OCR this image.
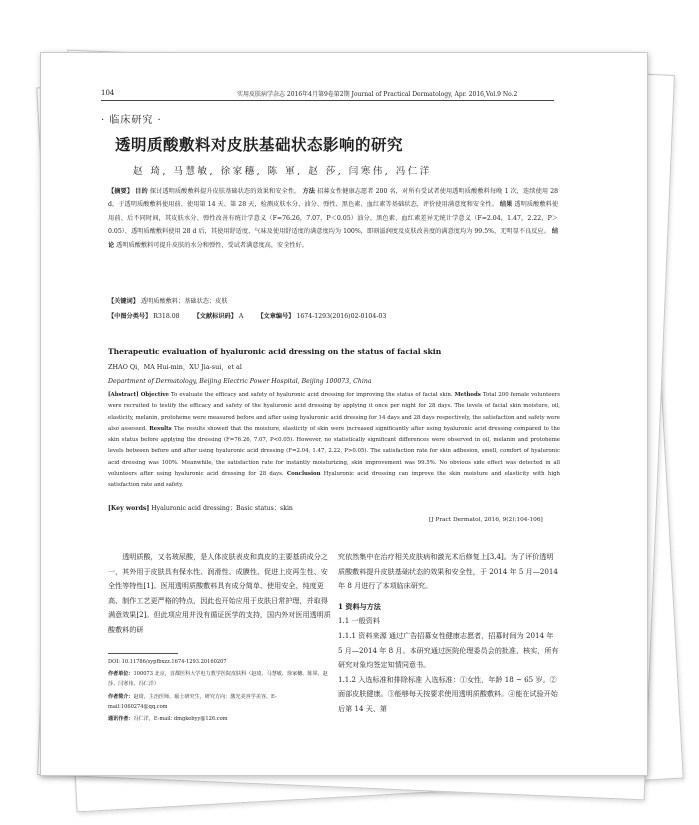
104	实用皮肤病学杂志 2016年4月第9卷第2期 Journal of Practical Dermatology, Apr. 2016,Vol.9 No.2
· 临床研究 ·
透明质酸敷料对皮肤基础状态影响的研究
赵 琦, 马慧敏, 徐家穗, 陈 軍, 赵 莎, 闫寒伟, 冯仁洋
【摘要】 目的 探讨透明质酸敷料提升皮肤基础状态的效果和安全性。 方法 招募女性健康志愿者 200 名，对所有受试者使用透明质酸敷料每晚 1 次，连续使用 28 d，于透明质酸敷料使用前、使用第 14 天、第 28 天，检测皮肤水分、油分、弹性、黑色素、血红素等基础状态，评价使用满意度和安全性。 结果 透明质酸敷料使用前、后不同时间，其皮肤水分、弹性改善有统计学意义（F=76.26，7.07，P＜0.05）油分、黑色素、血红素差异无统计学意义（F=2.04，1.47，2.22，P＞0.05），透明质酸敷料使用 28 d 后，其使用舒适度、气味及使用舒适度的满意度均为 100%，即刻滋润度及皮肤改善度的满意度均为 99.5%，无明显不良反应。 结论 透明质酸敷料可提升皮肤的水分和弹性，受试者满意度高，安全性好。
【关键词】 透明质酸敷料；基础状态；皮肤
【中图分类号】 R318.08 【文献标识码】 A 【文章编号】 1674-1293(2016)02-0104-03
Therapeutic evaluation of hyaluronic acid dressing on the status of facial skin
ZHAO Qi，MA Hui-min，XU Jia-sui，et al
Department of Dermatology, Beijing Electric Power Hospital, Beijing 100073, China
[Abstract] Objective To evaluate the efficacy and safety of hyaluronic acid dressing for improving the status of facial skin. Methods Total 200 female volunteers were recruited to testify the efficacy and safety of the hyaluronic acid dressing by applying it once per night for 28 days. The levels of facial skin moisture, oil, elasticity, melanin, protoheme were measured before and after using hyaluronic acid dressing for 14 days and 28 days respectively, the satisfaction and safety were also assessed. Results The results showed that the moisture, elasticity of skin were increased significantly after using hyaluronic acid dressing compared to the skin status before applying the dressing (F=76.26, 7.07, P<0.05). However, no statistically significant differences were observed in oil, melanin and protoheme levels between before and after using hyaluronic acid dressing (F=2.04, 1.47, 2.22, P>0.05). The satisfaction rate for skin adhesion, smell, comfort of hyaluronic acid dressing was 100%. Meanwhile, the satisfaction rate for instantly moisturizing, skin improvement was 99.5%. No obvious side effect was detected in all volunteers after using hyaluronic acid dressing for 28 days. Conclusion Hyaluronic acid dressing can improve the skin moisture and elasticity with high satisfaction rate and safety.
[Key words] Hyaluronic acid dressing；Basic status；skin
[J Pract Dermatol, 2016, 9(2):104-106]
透明质酸，又名玻尿酸，是人体皮肤表皮和真皮的主要基质成分之一，其外用于皮肤具有保水性、润滑性、成膜性、促进上皮再生性、安全性等特性[1]。医用透明质酸敷料具有成分简单、使用安全、纯度更高、制作工艺更严格的特点，因此也开始应用于皮肤日常护理，并取得满意效果[2]。但此项应用并没有循证医学的支持，国内外对医用透明质酸敷料的研

究依然集中在治疗相关皮肤病和激光术后修复上[3,4]。为了评价透明质酸敷料提升皮肤基础状态的效果和安全性，于 2014 年 5 月—2014 年 8 月进行了本项临床研究。

1 资料与方法

1.1 一般资料

1.1.1 资料来源 通过广告招募女性健康志愿者，招募时间为 2014 年 5 月—2014 年 8 月。本研究通过医院伦理委员会的批准、核实，所有研究对象均签定知情同意书。

1.1.2 入选标准和排除标准 入选标准：①女性，年龄 18 ~ 65 岁。②面部皮肤健康。③能够每天按要求使用透明质酸敷料。④能在试验开始后第 14 天、第

DOI: 10.11786/sypfbxzz.1674-1293.20160207
作者单位：100073 北京，首都医科大学电力教学医院皮肤科（赵琦、马慧敏、徐家穗、陈軍、赵莎、闫寒伟、冯仁洋）
作者简介：赵琦，主治医师，硕士研究生，研究方向：激光美容学美容。E-mail:1060274@qq.com
通讯作者：冯仁洋，E-mail: dmgkebyy@126.com
